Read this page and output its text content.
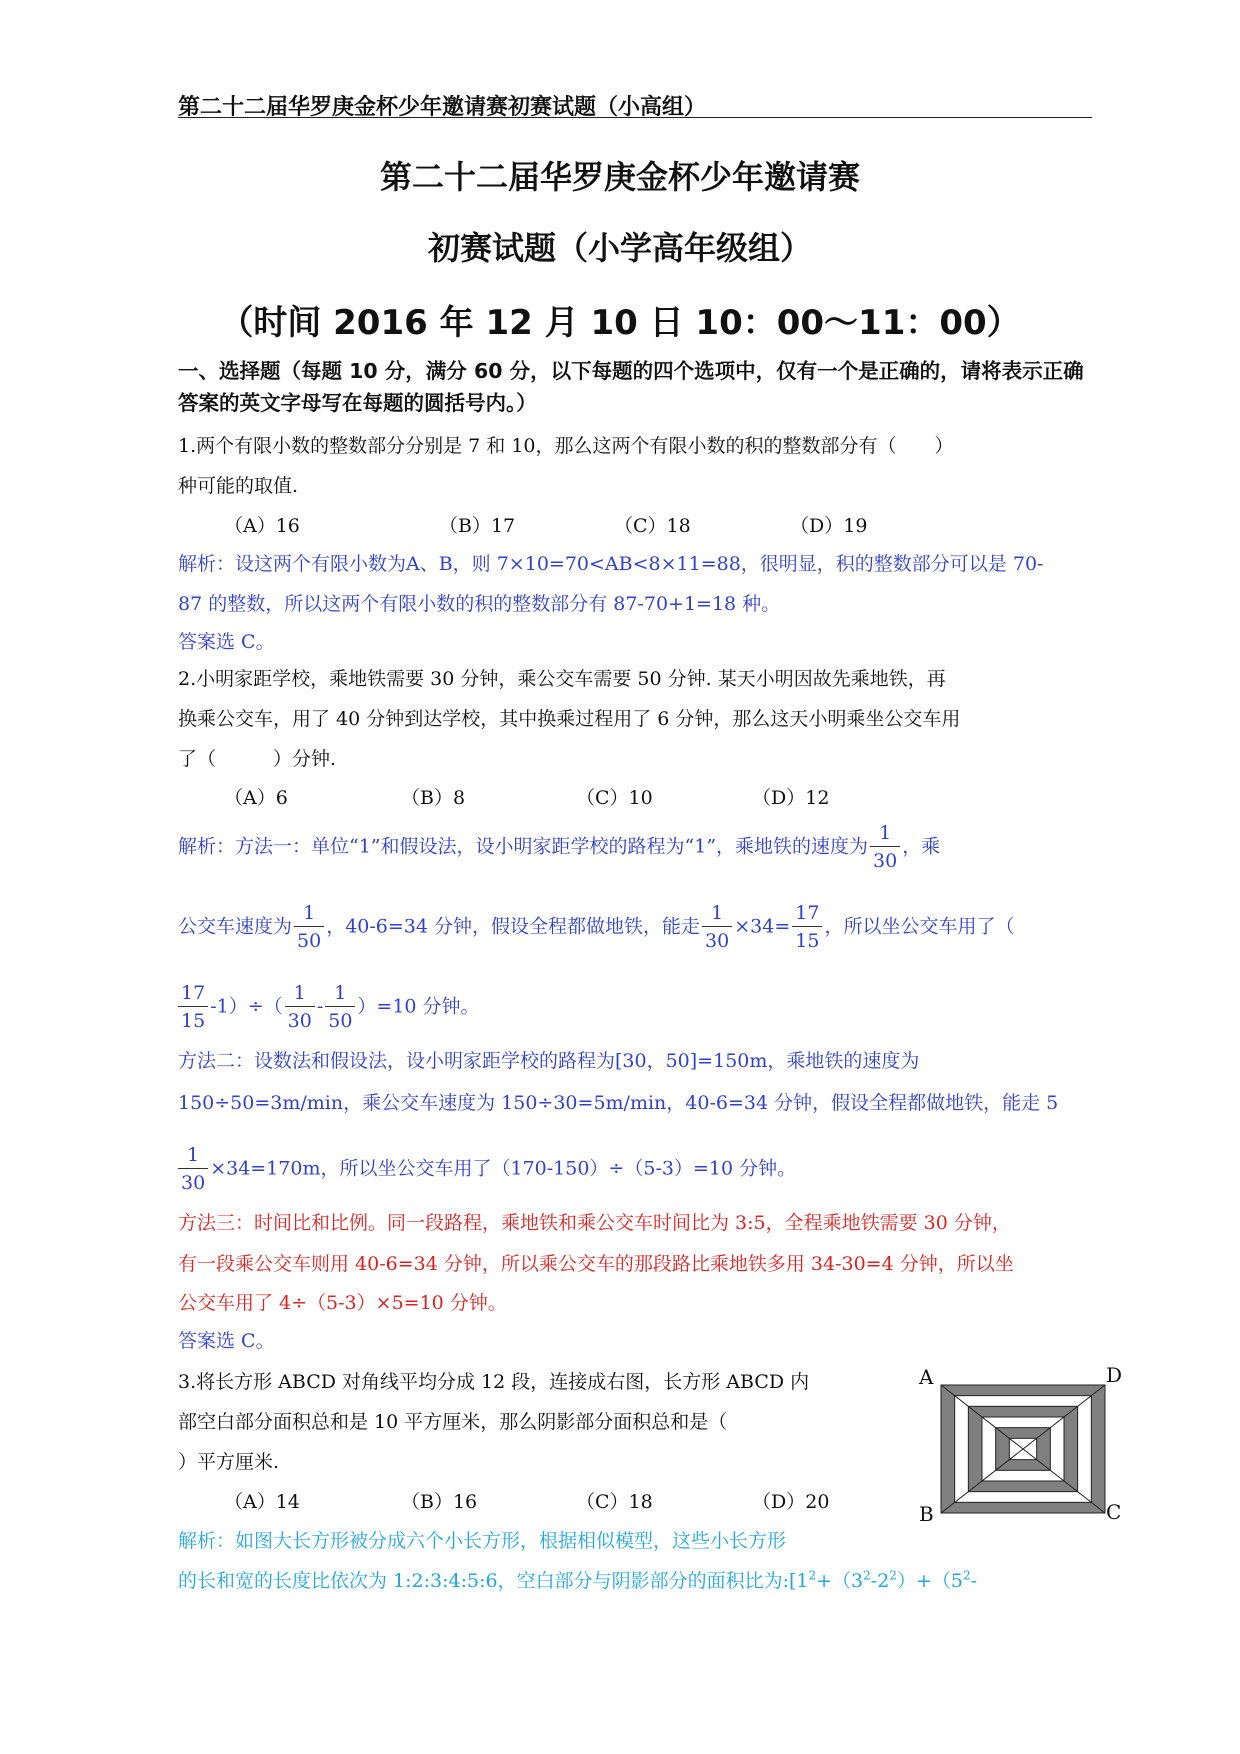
第二十二届华罗庚金杯少年邀请赛初赛试题（小高组）
第二十二届华罗庚金杯少年邀请赛
初赛试题（小学高年级组）
（时间 2016 年 12 月 10 日 10：00～11：00）
一、选择题（每题 10 分，满分 60 分，以下每题的四个选项中，仅有一个是正确的，请将表示正确答案的英文字母写在每题的圆括号内。）
1.两个有限小数的整数部分分别是 7 和 10，那么这两个有限小数的积的整数部分有（　　）
种可能的取值.
（A）16	（B）17	（C）18	（D）19
解析：设这两个有限小数为A、B，则 7×10=70<AB<8×11=88，很明显，积的整数部分可以是 70-
87 的整数，所以这两个有限小数的积的整数部分有 87-70+1=18 种。
答案选 C。
2.小明家距学校，乘地铁需要 30 分钟，乘公交车需要 50 分钟. 某天小明因故先乘地铁，再
换乘公交车，用了 40 分钟到达学校，其中换乘过程用了 6 分钟，那么这天小明乘坐公交车用
了（　　　）分钟.
（A）6	（B）8	（C）10	（D）12
解析：方法一：单位“1”和假设法，设小明家距学校的路程为“1”，乘地铁的速度为 $\frac{1}{30}$ ，乘
公交车速度为 $\frac{1}{50}$ ，40-6=34 分钟，假设全程都做地铁，能走 $\frac{1}{30} \times 34= \frac{17}{15}$ ，所以坐公交车用了（
$\frac{17}{15} -1)\div( \frac{1}{30} - \frac{1}{50} )=10$ 分钟。
方法二：设数法和假设法，设小明家距学校的路程为[30，50]=150m，乘地铁的速度为
150÷50=3m/min，乘公交车速度为 150÷30=5m/min，40-6=34 分钟，假设全程都做地铁，能走 5
$\frac{1}{30} \times 34=170m$，所以坐公交车用了（170-150）÷（5-3）=10 分钟。
方法三：时间比和比例。同一段路程，乘地铁和乘公交车时间比为 3:5，全程乘地铁需要 30 分钟，
有一段乘公交车则用 40-6=34 分钟，所以乘公交车的那段路比乘地铁多用 34-30=4 分钟，所以坐
公交车用了 4÷（5-3）×5=10 分钟。
答案选 C。
3.将长方形 ABCD 对角线平均分成 12 段，连接成右图，长方形 ABCD 内
部空白部分面积总和是 10 平方厘米，那么阴影部分面积总和是（
）平方厘米.
（A）14	（B）16	（C）18	（D）20
解析：如图大长方形被分成六个小长方形，根据相似模型，这些小长方形
的长和宽的长度比依次为 1:2:3:4:5:6，空白部分与阴影部分的面积比为$:[1^2+(3^2-2^2)+(5^2-$
A	D
B	C
